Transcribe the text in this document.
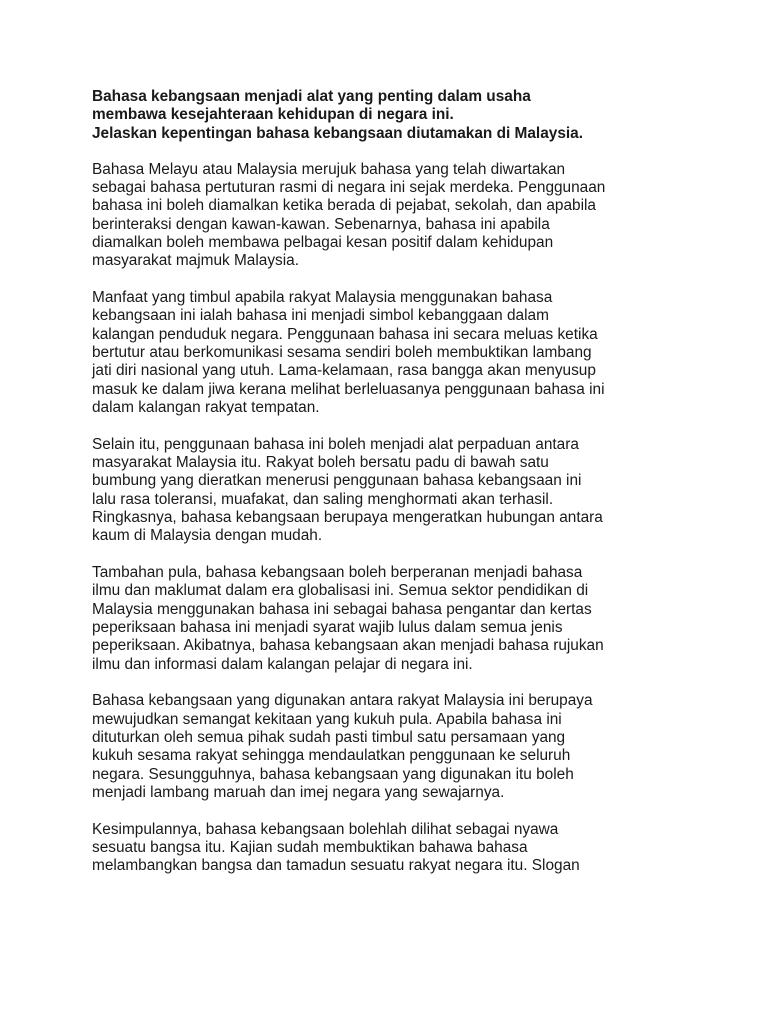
Bahasa kebangsaan menjadi alat yang penting dalam usaha
membawa kesejahteraan kehidupan di negara ini.
Jelaskan kepentingan bahasa kebangsaan diutamakan di Malaysia.
Bahasa Melayu atau Malaysia merujuk bahasa yang telah diwartakan
sebagai bahasa pertuturan rasmi di negara ini sejak merdeka. Penggunaan
bahasa ini boleh diamalkan ketika berada di pejabat, sekolah, dan apabila
berinteraksi dengan kawan-kawan. Sebenarnya, bahasa ini apabila
diamalkan boleh membawa pelbagai kesan positif dalam kehidupan
masyarakat majmuk Malaysia.
Manfaat yang timbul apabila rakyat Malaysia menggunakan bahasa
kebangsaan ini ialah bahasa ini menjadi simbol kebanggaan dalam
kalangan penduduk negara. Penggunaan bahasa ini secara meluas ketika
bertutur atau berkomunikasi sesama sendiri boleh membuktikan lambang
jati diri nasional yang utuh. Lama-kelamaan, rasa bangga akan menyusup
masuk ke dalam jiwa kerana melihat berleluasanya penggunaan bahasa ini
dalam kalangan rakyat tempatan.
Selain itu, penggunaan bahasa ini boleh menjadi alat perpaduan antara
masyarakat Malaysia itu. Rakyat boleh bersatu padu di bawah satu
bumbung yang dieratkan menerusi penggunaan bahasa kebangsaan ini
lalu rasa toleransi, muafakat, dan saling menghormati akan terhasil.
Ringkasnya, bahasa kebangsaan berupaya mengeratkan hubungan antara
kaum di Malaysia dengan mudah.
Tambahan pula, bahasa kebangsaan boleh berperanan menjadi bahasa
ilmu dan maklumat dalam era globalisasi ini. Semua sektor pendidikan di
Malaysia menggunakan bahasa ini sebagai bahasa pengantar dan kertas
peperiksaan bahasa ini menjadi syarat wajib lulus dalam semua jenis
peperiksaan. Akibatnya, bahasa kebangsaan akan menjadi bahasa rujukan
ilmu dan informasi dalam kalangan pelajar di negara ini.
Bahasa kebangsaan yang digunakan antara rakyat Malaysia ini berupaya
mewujudkan semangat kekitaan yang kukuh pula. Apabila bahasa ini
dituturkan oleh semua pihak sudah pasti timbul satu persamaan yang
kukuh sesama rakyat sehingga mendaulatkan penggunaan ke seluruh
negara. Sesungguhnya, bahasa kebangsaan yang digunakan itu boleh
menjadi lambang maruah dan imej negara yang sewajarnya.
Kesimpulannya, bahasa kebangsaan bolehlah dilihat sebagai nyawa
sesuatu bangsa itu. Kajian sudah membuktikan bahawa bahasa
melambangkan bangsa dan tamadun sesuatu rakyat negara itu. Slogan
